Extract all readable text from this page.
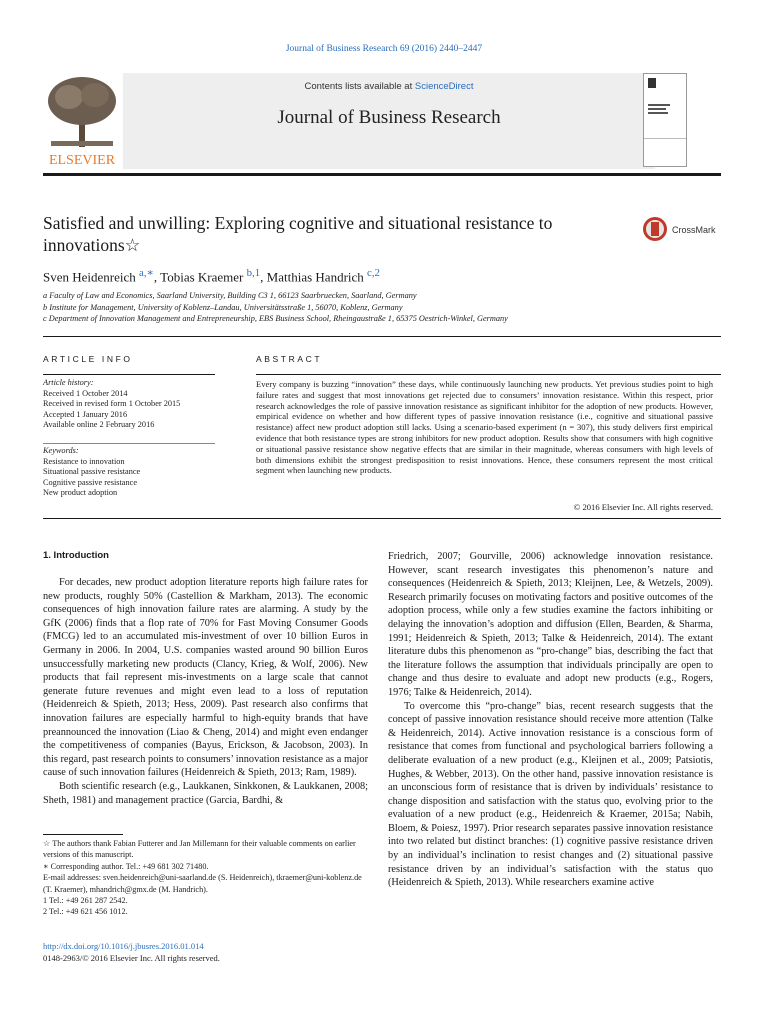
Journal of Business Research 69 (2016) 2440–2447
ELSEVIER
Contents lists available at ScienceDirect
Journal of Business Research
Satisfied and unwilling: Exploring cognitive and situational resistance to innovations☆
CrossMark
Sven Heidenreich $^{a,∗}$, Tobias Kraemer $^{b,1}$, Matthias Handrich $^{c,2}$
a Faculty of Law and Economics, Saarland University, Building C3 1, 66123 Saarbruecken, Saarland, Germany
b Institute for Management, University of Koblenz–Landau, Universitätsstraße 1, 56070, Koblenz, Germany
c Department of Innovation Management and Entrepreneurship, EBS Business School, Rheingaustraße 1, 65375 Oestrich-Winkel, Germany
ARTICLE INFO	ABSTRACT
Article history:
Received 1 October 2014
Received in revised form 1 October 2015
Accepted 1 January 2016
Available online 2 February 2016
Keywords:
Resistance to innovation
Situational passive resistance
Cognitive passive resistance
New product adoption
Every company is buzzing “innovation” these days, while continuously launching new products. Yet previous studies point to high failure rates and suggest that most innovations get rejected due to consumers’ innovation resistance. Within this respect, prior research acknowledges the role of passive innovation resistance as significant inhibitor for the adoption of new products. However, empirical evidence on whether and how different types of passive innovation resistance (i.e., cognitive and situational passive resistance) affect new product adoption still lacks. Using a scenario-based experiment (n = 307), this study delivers first empirical evidence that both resistance types are strong inhibitors for new product adoption. Results show that consumers with high cognitive or situational passive resistance show negative effects that are similar in their magnitude, whereas consumers with high levels of both dimensions exhibit the strongest predisposition to resist innovations. Hence, these consumers represent the most critical segment when launching new products.
© 2016 Elsevier Inc. All rights reserved.
1. Introduction

For decades, new product adoption literature reports high failure rates for new products, roughly 50% (Castellion & Markham, 2013). The economic consequences of high innovation failure rates are alarming. A study by the GfK (2006) finds that a flop rate of 70% for Fast Moving Consumer Goods (FMCG) led to an accumulated mis-investment of over 10 billion Euros in Germany in 2006. In 2004, U.S. companies wasted around 90 billion Euros unsuccessfully marketing new products (Clancy, Krieg, & Wolf, 2006). New products that fail represent mis-investments on a large scale that cannot generate future revenues and might even lead to a loss of reputation (Heidenreich & Spieth, 2013; Hess, 2009). Past research also confirms that innovation failures are especially harmful to high-equity brands that have preannounced the innovation (Liao & Cheng, 2014) and might even endanger the competitiveness of companies (Bayus, Erickson, & Jacobson, 2003). In this regard, past research points to consumers’ innovation resistance as a major cause of such innovation failures (Heidenreich & Spieth, 2013; Ram, 1989).

Both scientific research (e.g., Laukkanen, Sinkkonen, & Laukkanen, 2008; Sheth, 1981) and management practice (Garcia, Bardhi, &

Friedrich, 2007; Gourville, 2006) acknowledge innovation resistance. However, scant research investigates this phenomenon’s nature and consequences (Heidenreich & Spieth, 2013; Kleijnen, Lee, & Wetzels, 2009). Research primarily focuses on motivating factors and positive outcomes of the adoption process, while only a few studies examine the factors inhibiting or delaying the innovation’s adoption and diffusion (Ellen, Bearden, & Sharma, 1991; Heidenreich & Spieth, 2013; Talke & Heidenreich, 2014). The extant literature dubs this phenomenon as “pro-change” bias, describing the fact that the literature follows the assumption that individuals principally are open to change and thus desire to evaluate and adopt new products (e.g., Rogers, 1976; Talke & Heidenreich, 2014).

To overcome this “pro-change” bias, recent research suggests that the concept of passive innovation resistance should receive more attention (Talke & Heidenreich, 2014). Active innovation resistance is a conscious form of resistance that comes from functional and psychological barriers following a deliberate evaluation of a new product (e.g., Kleijnen et al., 2009; Patsiotis, Hughes, & Webber, 2013). On the other hand, passive innovation resistance is an unconscious form of resistance that is driven by individuals’ resistance to change disposition and satisfaction with the status quo, evolving prior to the evaluation of a new product (e.g., Heidenreich & Kraemer, 2015a; Nabih, Bloem, & Poiesz, 1997). Prior research separates passive innovation resistance into two related but distinct branches: (1) cognitive passive resistance driven by an individual’s inclination to resist changes and (2) situational passive resistance driven by an individual’s satisfaction with the status quo (Heidenreich & Spieth, 2013). While researchers examine active

☆ The authors thank Fabian Futterer and Jan Millemann for their valuable comments on earlier versions of this manuscript.
∗ Corresponding author. Tel.: +49 681 302 71480.
E-mail addresses: sven.heidenreich@uni-saarland.de (S. Heidenreich), tkraemer@uni-koblenz.de (T. Kraemer), mhandrich@gmx.de (M. Handrich).
1 Tel.: +49 261 287 2542.
2 Tel.: +49 621 456 1012.
http://dx.doi.org/10.1016/j.jbusres.2016.01.014
0148-2963/© 2016 Elsevier Inc. All rights reserved.
